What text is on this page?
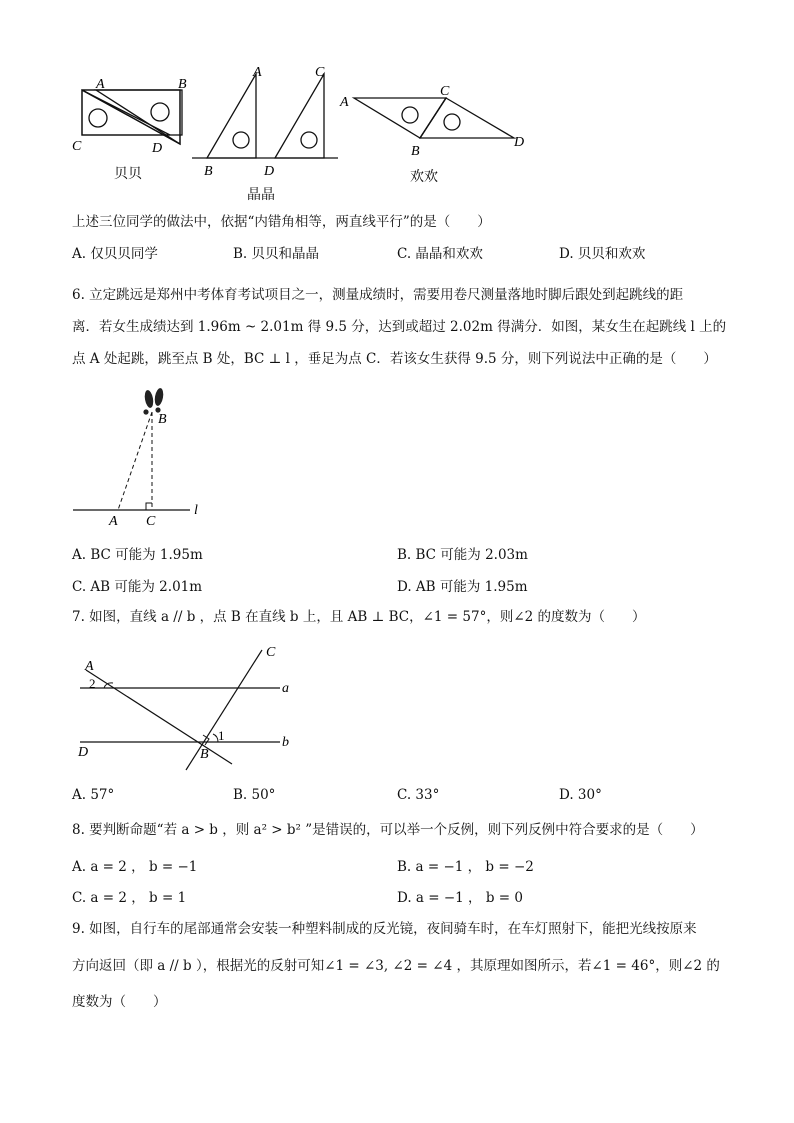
A	B
C	D
A	C
B	D
A
C
B
D
贝贝
晶晶
欢欢
上述三位同学的做法中，依据“内错角相等，两直线平行”的是（　　）
A. 仅贝贝同学	B. 贝贝和晶晶	C. 晶晶和欢欢	D. 贝贝和欢欢
6. 立定跳远是郑州中考体育考试项目之一，测量成绩时，需要用卷尺测量落地时脚后跟处到起跳线的距
离．若女生成绩达到 1.96m ~ 2.01m 得 9.5 分，达到或超过 2.02m 得满分．如图，某女生在起跳线 l 上的
点 A 处起跳，跳至点 B 处，BC ⊥ l ，垂足为点 C．若该女生获得 9.5 分，则下列说法中正确的是（　　）
B
A C
l
A. BC 可能为 1.95m	B. BC 可能为 2.03m
C. AB 可能为 2.01m	D. AB 可能为 1.95m
7. 如图，直线 a // b ，点 B 在直线 b 上，且 AB ⊥ BC，∠1 = 57°，则∠2 的度数为（　　）
A
C
a
b
D	B
1
2
A. 57°	B. 50°	C. 33°	D. 30°
8. 要判断命题“若 a > b ，则 a² > b² ”是错误的，可以举一个反例，则下列反例中符合要求的是（　　）
A. a = 2 ， b = −1	B. a = −1 ， b = −2
C. a = 2 ， b = 1	D. a = −1 ， b = 0
9. 如图，自行车的尾部通常会安装一种塑料制成的反光镜，夜间骑车时，在车灯照射下，能把光线按原来
方向返回（即 a // b ），根据光的反射可知∠1 = ∠3, ∠2 = ∠4 ，其原理如图所示，若∠1 = 46°，则∠2 的
度数为（　　）
